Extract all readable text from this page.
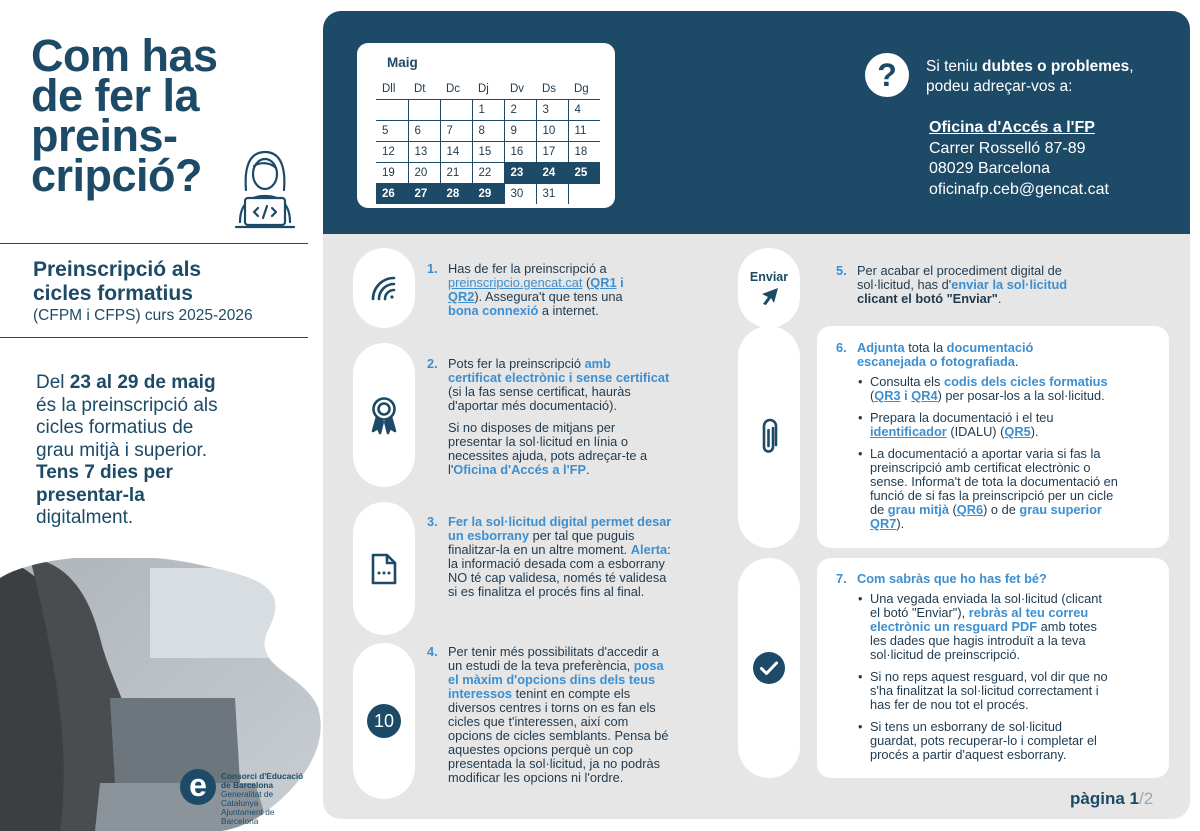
Com has
de fer la
preins-
cripció?
Preinscripció als
cicles formatius
(CFPM i CFPS) curs 2025-2026
Del 23 al 29 de maig
és la preinscripció als
cicles formatius de
grau mitjà i superior.
Tens 7 dies per
presentar-la
digitalment.
e	Consorci d'Educació
de Barcelona
Generalitat de Catalunya
Ajuntament de Barcelona
Maig
Dll	Dt	Dc	Dj	Dv	Ds	Dg
			1	2	3	4
5	6	7	8	9	10	11
12	13	14	15	16	17	18
19	20	21	22	23	24	25
26	27	28	29	30	31	
?	Si teniu dubtes o problemes,
podeu adreçar-vos a:
Oficina d'Accés a l'FP
Carrer Rosselló 87-89
08029 Barcelona
oficinafp.ceb@gencat.cat
10
Enviar
1. Has de fer la preinscripció a
preinscripcio.gencat.cat (QR1 i
QR2). Assegura't que tens una
bona connexió a internet.
2. Pots fer la preinscripció amb
certificat electrònic i sense certificat
(si la fas sense certificat, hauràs
d'aportar més documentació).

Si no disposes de mitjans per
presentar la sol·licitud en línia o
necessites ajuda, pots adreçar-te a
l'Oficina d'Accés a l'FP.

3. Fer la sol·licitud digital permet desar
un esborrany per tal que puguis
finalitzar-la en un altre moment. Alerta:
la informació desada com a esborrany
NO té cap validesa, només té validesa
si es finalitza el procés fins al final.
4. Per tenir més possibilitats d'accedir a
un estudi de la teva preferència, posa
el màxim d'opcions dins dels teus
interessos tenint en compte els
diversos centres i torns on es fan els
cicles que t'interessen, així com
opcions de cicles semblants. Pensa bé
aquestes opcions perquè un cop
presentada la sol·licitud, ja no podràs
modificar les opcions ni l'ordre.
5. Per acabar el procediment digital de
sol·licitud, has d'enviar la sol·licitud
clicant el botó "Enviar".
6. Adjunta tota la documentació
escanejada o fotografiada.

• Consulta els codis dels cicles formatius
(QR3 i QR4) per posar-los a la sol·licitud.
• Prepara la documentació i el teu
identificador (IDALU) (QR5).
• La documentació a aportar varia si fas la
preinscripció amb certificat electrònic o
sense. Informa't de tota la documentació en
funció de si fas la preinscripció per un cicle
de grau mitjà (QR6) o de grau superior
QR7).
7. Com sabràs que ho has fet bé?

• Una vegada enviada la sol·licitud (clicant
el botó "Enviar"), rebràs al teu correu
electrònic un resguard PDF amb totes
les dades que hagis introduït a la teva
sol·licitud de preinscripció.
• Si no reps aquest resguard, vol dir que no
s'ha finalitzat la sol·licitud correctament i
has fer de nou tot el procés.
• Si tens un esborrany de sol·licitud
guardat, pots recuperar-lo i completar el
procés a partir d'aquest esborrany.
pàgina 1/2
